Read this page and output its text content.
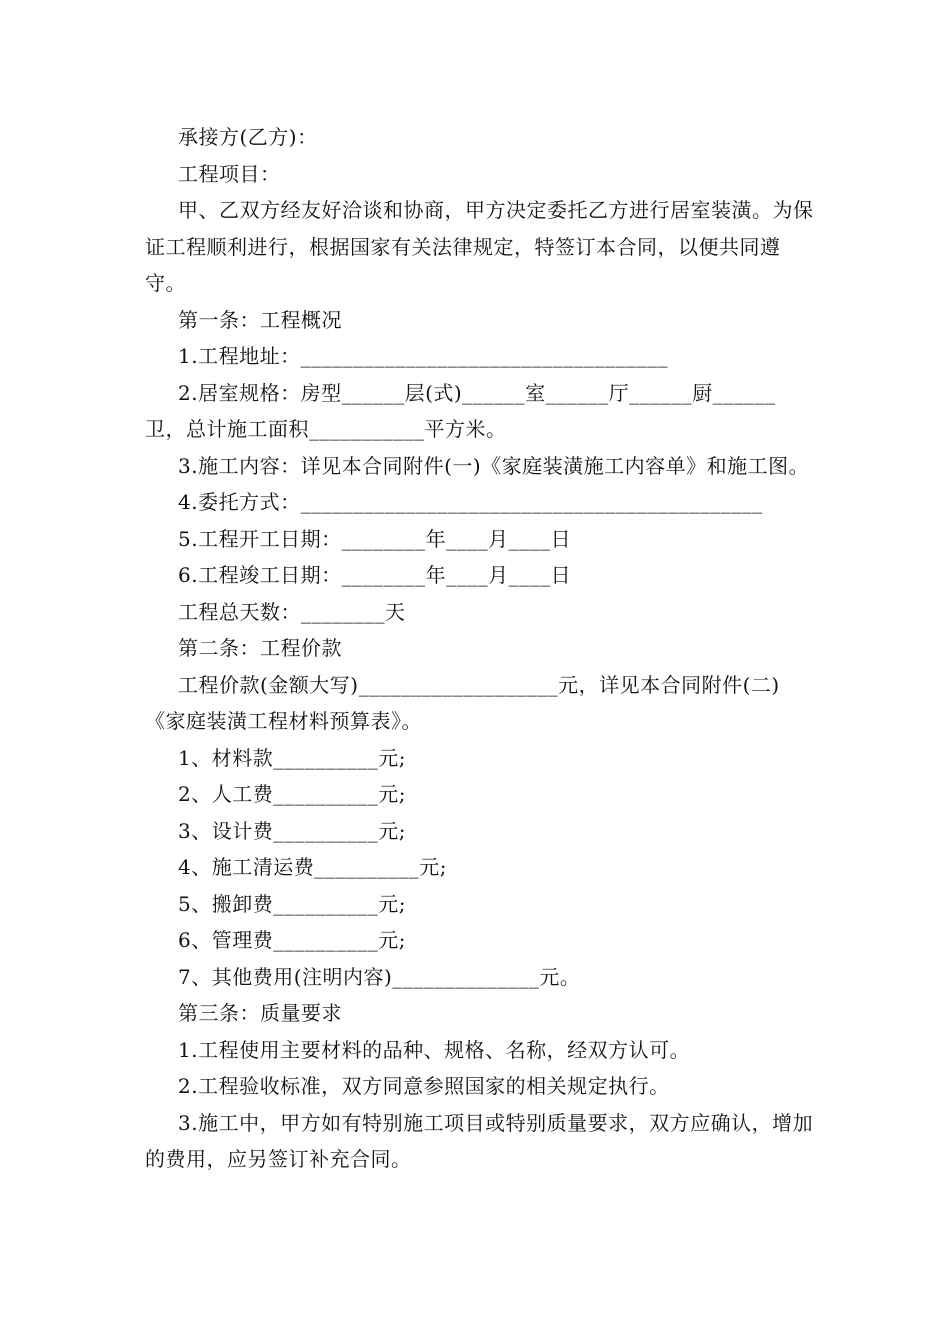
承接方(乙方)：

工程项目：

甲、乙双方经友好洽谈和协商，甲方决定委托乙方进行居室装潢。为保证工程顺利进行，根据国家有关法律规定，特签订本合同，以便共同遵守。

第一条：工程概况

1.工程地址：___________________________________

2.居室规格：房型______层(式)______室______厅______厨______卫，总计施工面积___________平方米。

3.施工内容：详见本合同附件(一)《家庭装潢施工内容单》和施工图。

4.委托方式：____________________________________________

5.工程开工日期：________年____月____日

6.工程竣工日期：________年____月____日

工程总天数：________天

第二条：工程价款

工程价款(金额大写)___________________元，详见本合同附件(二)《家庭装潢工程材料预算表》。

1、材料款__________元;

2、人工费__________元;

3、设计费__________元;

4、施工清运费__________元;

5、搬卸费__________元;

6、管理费__________元;

7、其他费用(注明内容)______________元。

第三条：质量要求

1.工程使用主要材料的品种、规格、名称，经双方认可。

2.工程验收标准，双方同意参照国家的相关规定执行。

3.施工中，甲方如有特别施工项目或特别质量要求，双方应确认，增加的费用，应另签订补充合同。
